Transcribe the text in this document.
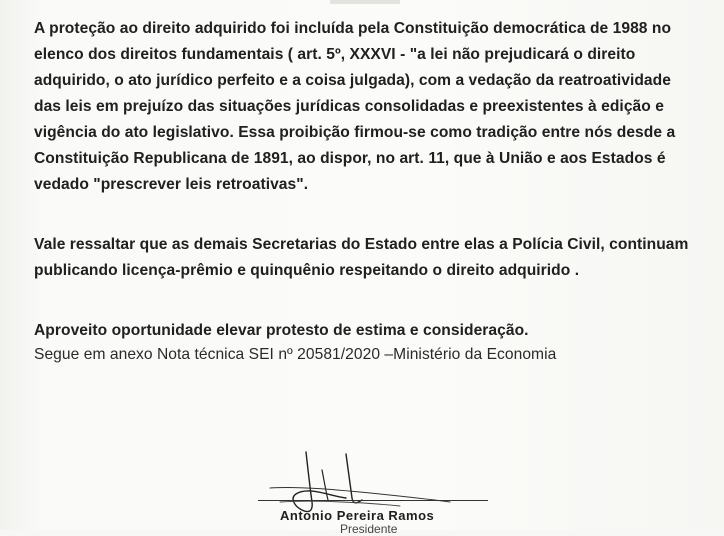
A proteção ao direito adquirido foi incluída pela Constituição democrática de 1988 no
elenco dos direitos fundamentais ( art. 5º, XXXVI - "a lei não prejudicará o direito
adquirido, o ato jurídico perfeito e a coisa julgada), com a vedação da reatroatividade
das leis em prejuízo das situações jurídicas consolidadas e preexistentes à edição e
vigência do ato legislativo. Essa proibição firmou-se como tradição entre nós desde a
Constituição Republicana de 1891, ao dispor, no art. 11, que à União e aos Estados é
vedado "prescrever leis retroativas".
Vale ressaltar que as demais Secretarias do Estado entre elas a Polícia Civil, continuam
publicando licença-prêmio e quinquênio respeitando o direito adquirido .
Aproveito oportunidade elevar protesto de estima e consideração.
Segue em anexo Nota técnica SEI nº 20581/2020 –Ministério da Economia
Antonio Pereira Ramos
Presidente
